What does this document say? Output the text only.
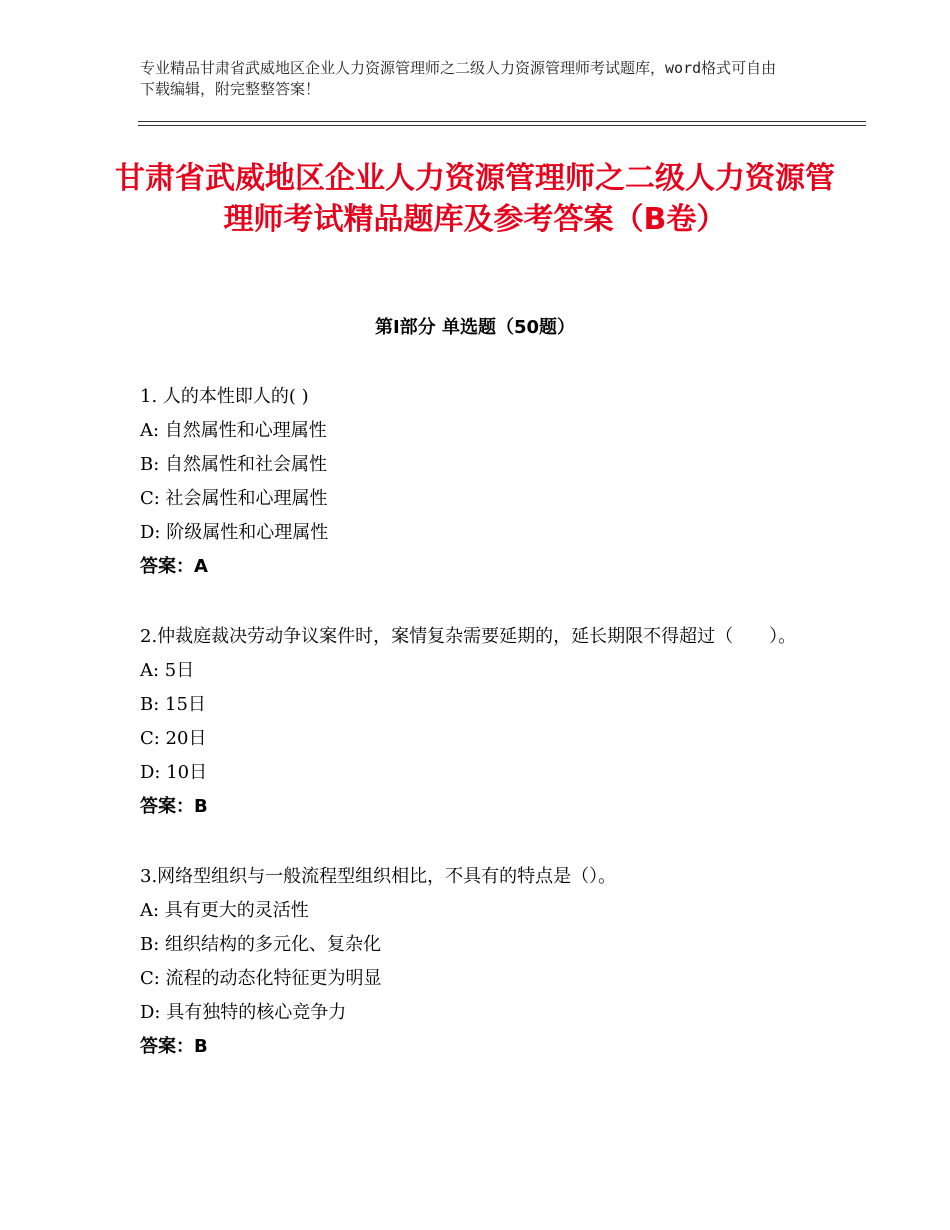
专业精品甘肃省武威地区企业人力资源管理师之二级人力资源管理师考试题库，word格式可自由下载编辑，附完整整答案！
甘肃省武威地区企业人力资源管理师之二级人力资源管理师考试精品题库及参考答案（B卷）
第Ⅰ部分 单选题（50题）
1. 人的本性即人的( )
A: 自然属性和心理属性
B: 自然属性和社会属性
C: 社会属性和心理属性
D: 阶级属性和心理属性
答案：A
2.仲裁庭裁决劳动争议案件时，案情复杂需要延期的，延长期限不得超过（　　）。
A: 5日
B: 15日
C: 20日
D: 10日
答案：B
3.网络型组织与一般流程型组织相比，不具有的特点是（）。
A: 具有更大的灵活性
B: 组织结构的多元化、复杂化
C: 流程的动态化特征更为明显
D: 具有独特的核心竞争力
答案：B
